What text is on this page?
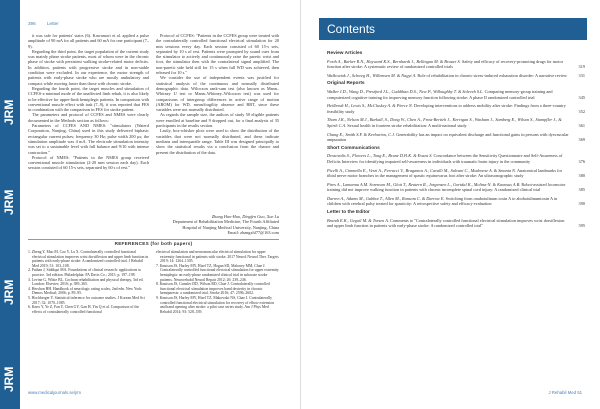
JRM
JRM
JRM
JRM
396 Letter

it was safe for patients' stairs (6). Kawamori et al. applied a pulse amplitude of 90 mA for all patients and 60 mA for one participant (7–9).

Regarding the third point, the target population of the current study was mainly phase stroke patients, most of whom were in the chronic phase of stroke with persistent walking stroke-related motor deficits. In addition, patients with progressive stroke and in non-stable condition were excluded. In our experience, the motor strength of patients with early-phase stroke who are mostly ambulatory and compact while moving faster than those with chronic stroke.

Regarding the fourth point, the target muscles and stimulation of CCFES-a minimal mode of the unaffected limb rehab, it is also likely to be effective for upper-limb hemiplegic patients. In comparison with conventional muscle effect with task (7–9), it was reported that FES in combination with the comparison in FES for stroke patient.

The parameters and protocol of CCFES and NMES were clearly documented in the Methods section as follows:

Parameters of CCFES AND NMES: "stimulators (Waterd Corporation, Nanjing, China) used in this study delivered biphasic rectangular current pulses; frequency 30 Hz; pulse width 200 µs; the stimulation amplitude was 4 mA. The electrode stimulation intensity was set to a sustainable level with full balance and 9/10 with intense contraction."

Protocol of NMES: "Patients in the NMES group received conventional muscle stimulation (2-20 mm session each day). Each session consisted of 60 15-s sets, separated by 60 s of rest."

Protocol of CCFES: "Patients in the CCFES group were treated with the contralaterally controlled functional electrical stimulation for 20 min sessions every day. Each session consisted of 60 15-s sets, separated by 10 s of rest. Patients were prompted by sound cues from the stimulator to actively and continuously raise the paretic wrist and foot, the stimulator then with the contralateral signal amplified. The non-paretic side held still for 15 s when full WD was achieved, then released for 10 s."

We consider the use of independent events was justified for statistical analysis of the continuous and normally distributed demographic data. Wilcoxon rank-sum test (also known as Mann–Whitney U test or Mann–Whitney–Wilcoxon test) was used for comparisons of intergroup differences in active range of motion (AROM) for WD, mean/fragility absence and BBT, since these variables were not normally distributed.

As regards the sample size, the authors of study 50 eligible patients were enrolled at baseline and 9 dropped out, for a final analysis of 35 participants in the results section.

Lastly, box-whisker plots were used to show the distribution of the variables that were not normally distributed, and these indicate medians and interquartile range. Table III was designed principally to show the statistical results via a conclusion from the chance and present the distribution of the data.

Zhang Hao-Hao, Dingfen Guo, Xue Lu
Department of Rehabilitation Medicine, The Fourth Affiliated
Hospital of Nanjing Medical University, Nanjing, China
Email: zhangxhl77@163.com
REFERENCES (for both papers)

1. Zheng Y, Mao M, Cao Y, Lu X. Contralaterally controlled functional electrical stimulation improves wrist dorsiflexion and upper limb function in patients with early-phase stroke: A randomized controlled trial. J Rehabil Med 2019; 51: 103–108.

2. Pathan J, Siddiqui MA. Foundations of clinical research: applications to practice. 3rd edition. Philadelphia: FA Davis Co.; 2015; p. 197–198.

3. Levine G, White BL. Cochran rehabilitation and physical therapy, 3rd ed. London: Elsevier; 2016; p. 389–365.

4. Hershon HH. Handbook of neurologic rating scales, 2nd edn. New York: Demos Medical; 2006; p. 89–95.

5. Hochberger Y. Statistical inference for outcome studies. J Korean Med Sci 2017; 32: 1070–1085.

6. Knex Y, Ye Z, Fan Y, Chen GY, Gan H, Yin Q et al. Comparison of the effects of contralaterally controlled functional

electrical stimulation and neuromuscular electrical stimulation for upper extremity functional in patients with stroke. 2017 Neurol Neurol Ther. Targets 2019; 14: 1264–1305.

7. Knutson JS, Harley MY, Hisel TZ, Hogan SD, Maloney MM, Chae J. Contralaterally controlled functional electrical stimulation for upper extremity hemiplegia: an early-phase randomized clinical trial in subacute stroke patients. Neurorehabil Neural Repair 2012; 26: 239–246.

8. Knutson JS, Gunzler DD, Wilson RD, Chae J. Contralaterally controlled functional electrical stimulation improves hand dexterity in chronic hemiparesis: a randomized trial. Stroke 2016; 47: 2596–2602.

9. Knutson JS, Harley MY, Hisel TZ, Makowski NS, Chae J. Contralaterally controlled functional electrical stimulation for recovery of elbow extension and hand opening after stroke: a pilot case series study. Am J Phys Med Rehabil 2014; 93: 528–539.

www.medicaljournals.se/jrm
Contents
Review Articles
Forth A., Barker R.N., Hayward K.S., Bernhardt J., Bellingan M. & Brauer S. Safety and efficacy of recovery-promoting drugs for motor function after stroke: A systematic review of randomized controlled trials	319
Walkowiak J., Schweg H., Willemsen M. & Nagyi A. Role of rehabilitation in chronic stress-induced exhaustion disorder: A narrative review	331
Original Reports
Walker I.D., Wang D., Prestford J.L., Cuddihan D.S., New P., Willoughby T. & Soleveh S.L. Comparing memory-group training and computerized cognitive training for improving memory function following stroke: A phase II randomized controlled trial	345
Heilbrodt H., Lewis S., McCluskey A. & Pierce N. Developing interventions to address mobility after stroke: Findings from a three-country feasibility study	352
Tham J.K., Nelson M.J., Barkall, S., Dong W., Chen A., Frost-Bertieh J., Kerrigan S., Washam J., Samberg E., Wilson S., Stampfler J., & Spirth C.A. Sexual health in fourteen stroke rehabilitation: A multi-national study	361
Chang E., Smith S.F. & Kerbarion, C.J. Generability has an impact on equivalent discharge and functional gains in persons with dysvascular amputation	369
Short Communications
Drosovalis S., Flowers L., Tong E., Brune D.H.K. & Evans S. Concordance between the Sensitivity Questionnaire and Self-Awareness of Deficits Interview for identifying impaired self-awareness in individuals with traumatic brain injury in the community	376
Picelli A., Cimmella E., Verzi A., Ferracci V., Bragamos A., Cavalli M., Salvani C., Modenese A. & Smania N. Anatomical landmarks for tibial nerve motor branches in the management of spastic equinovarus foot after stroke: An ultrasonographic study	380
Pires A., Lamannu A.M. Sorenson M., Glott T., Reutern R., Jorgensen L., Gortdal K., Molina-N. & Kaonsus A.B. Robot-assisted locomotor training did not improve walking function in patients with chronic incomplete spinal cord injury: A randomized clinical trial	385
Darren A., Adams M., Gabbot T., Allen M., Ransom C. & Darrow E. Switching from onabotulinum toxin A to abobotulinumtoxin A in children with cerebral palsy treated for spasticity: A retrospective safety and efficacy evaluation	390
Letter to the Editor
Brandi E.K., Gegoil M. & Torsen A. Comments to "Contralaterally controlled functional electrical stimulation improves wrist dorsiflexion and upper limb function in patients with early-phase stroke: A randomized controlled trial"	395
J Rehabil Med 51
